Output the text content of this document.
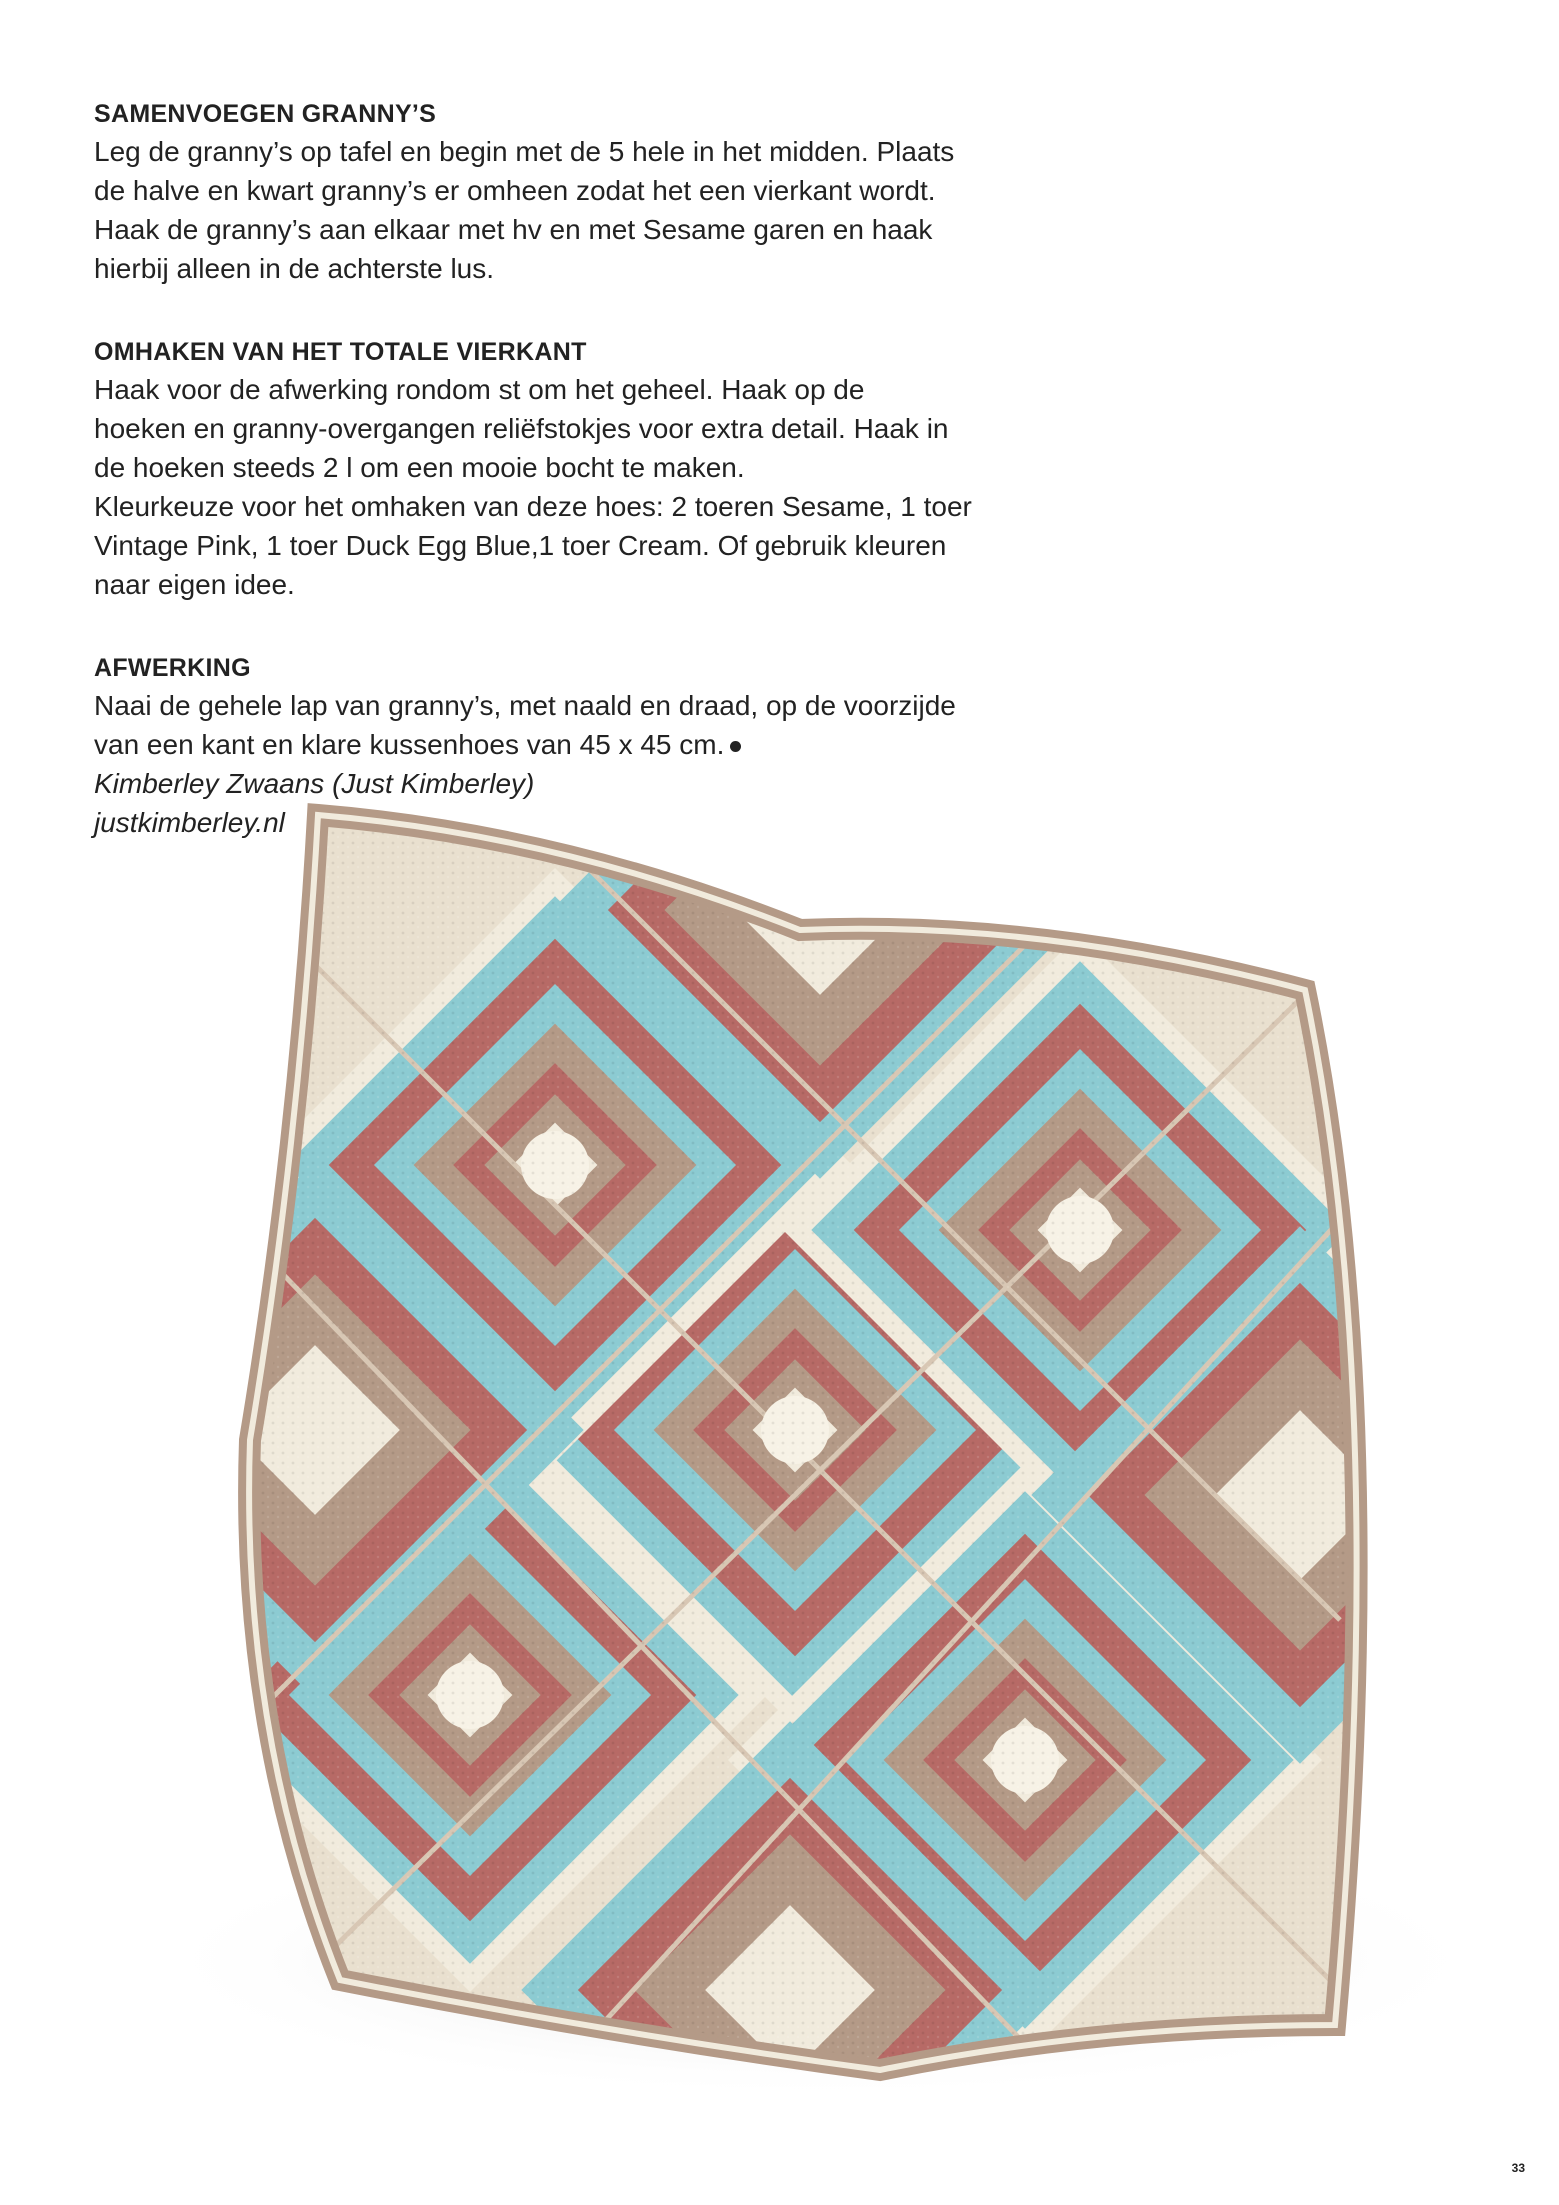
SAMENVOEGEN GRANNY’S

Leg de granny’s op tafel en begin met de 5 hele in het midden. Plaats

de halve en kwart granny’s er omheen zodat het een vierkant wordt.

Haak de granny’s aan elkaar met hv en met Sesame garen en haak

hierbij alleen in de achterste lus.

OMHAKEN VAN HET TOTALE VIERKANT

Haak voor de afwerking rondom st om het geheel. Haak op de

hoeken en granny-overgangen reliëfstokjes voor extra detail. Haak in

de hoeken steeds 2 l om een mooie bocht te maken.

Kleurkeuze voor het omhaken van deze hoes: 2 toeren Sesame, 1 toer

Vintage Pink, 1 toer Duck Egg Blue,1 toer Cream. Of gebruik kleuren

naar eigen idee.

AFWERKING

Naai de gehele lap van granny’s, met naald en draad, op de voorzijde

van een kant en klare kussenhoes van 45 x 45 cm.

Kimberley Zwaans (Just Kimberley)

justkimberley.nl

33
